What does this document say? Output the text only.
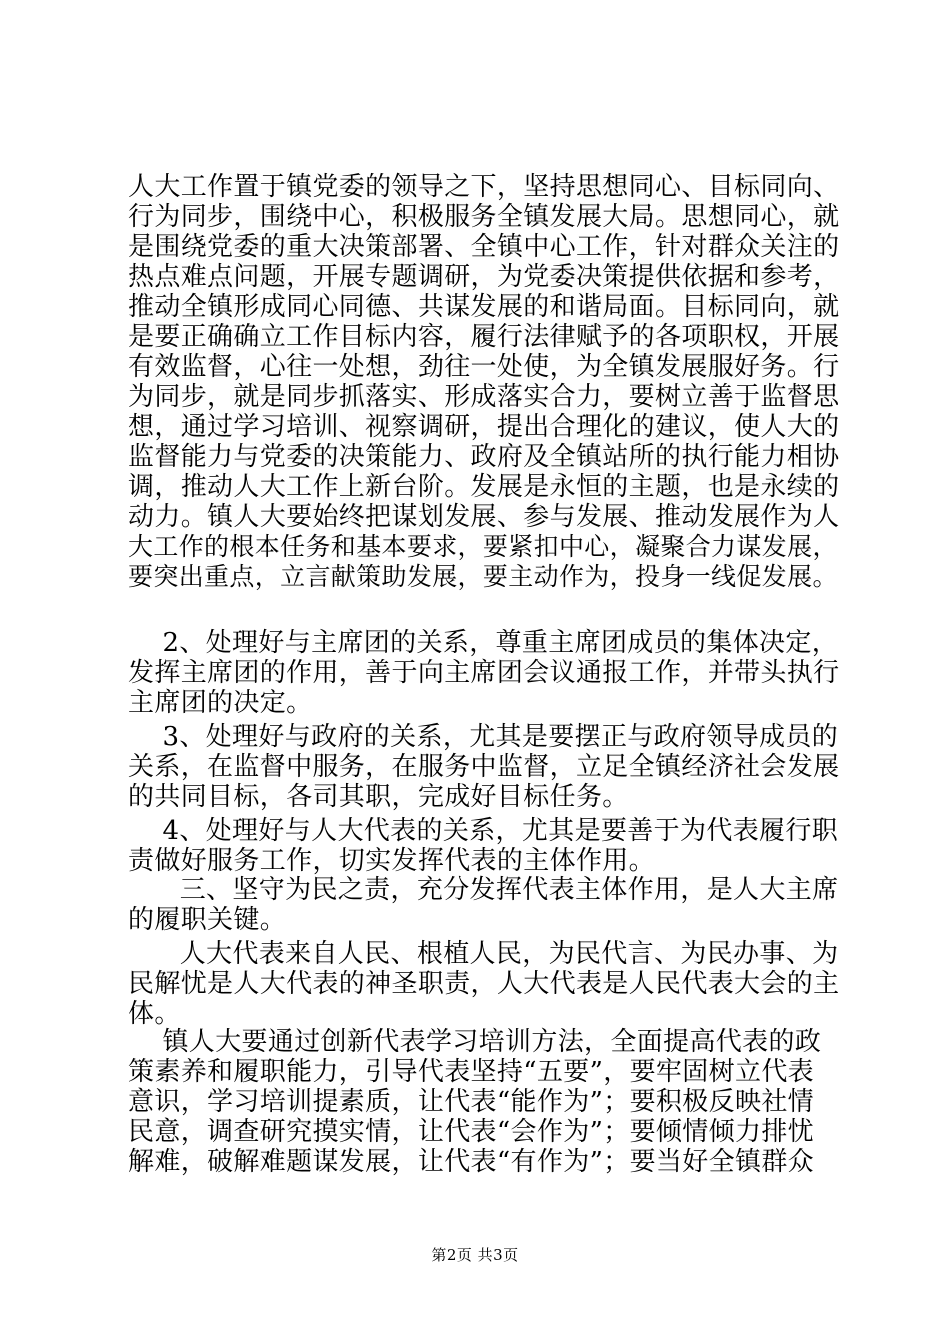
人大工作置于镇党委的领导之下，坚持思想同心、目标同向、
行为同步，围绕中心，积极服务全镇发展大局。思想同心，就
是围绕党委的重大决策部署、全镇中心工作，针对群众关注的
热点难点问题，开展专题调研，为党委决策提供依据和参考，
推动全镇形成同心同德、共谋发展的和谐局面。目标同向，就
是要正确确立工作目标内容，履行法律赋予的各项职权，开展
有效监督，心往一处想，劲往一处使，为全镇发展服好务。行
为同步，就是同步抓落实、形成落实合力，要树立善于监督思
想，通过学习培训、视察调研，提出合理化的建议，使人大的
监督能力与党委的决策能力、政府及全镇站所的执行能力相协
调，推动人大工作上新台阶。发展是永恒的主题，也是永续的
动力。镇人大要始终把谋划发展、参与发展、推动发展作为人
大工作的根本任务和基本要求，要紧扣中心，凝聚合力谋发展，
要突出重点，立言献策助发展，要主动作为，投身一线促发展。
2、处理好与主席团的关系，尊重主席团成员的集体决定，
发挥主席团的作用，善于向主席团会议通报工作，并带头执行
主席团的决定。
3、处理好与政府的关系，尤其是要摆正与政府领导成员的
关系，在监督中服务，在服务中监督，立足全镇经济社会发展
的共同目标，各司其职，完成好目标任务。
4、处理好与人大代表的关系，尤其是要善于为代表履行职
责做好服务工作，切实发挥代表的主体作用。
三、坚守为民之责，充分发挥代表主体作用，是人大主席
的履职关键。
人大代表来自人民、根植人民，为民代言、为民办事、为
民解忧是人大代表的神圣职责，人大代表是人民代表大会的主
体。
镇人大要通过创新代表学习培训方法，全面提高代表的政
策素养和履职能力，引导代表坚持“五要”，要牢固树立代表
意识，学习培训提素质，让代表“能作为”；要积极反映社情
民意，调查研究摸实情，让代表“会作为”；要倾情倾力排忧
解难，破解难题谋发展，让代表“有作为”；要当好全镇群众
第2页 共3页
